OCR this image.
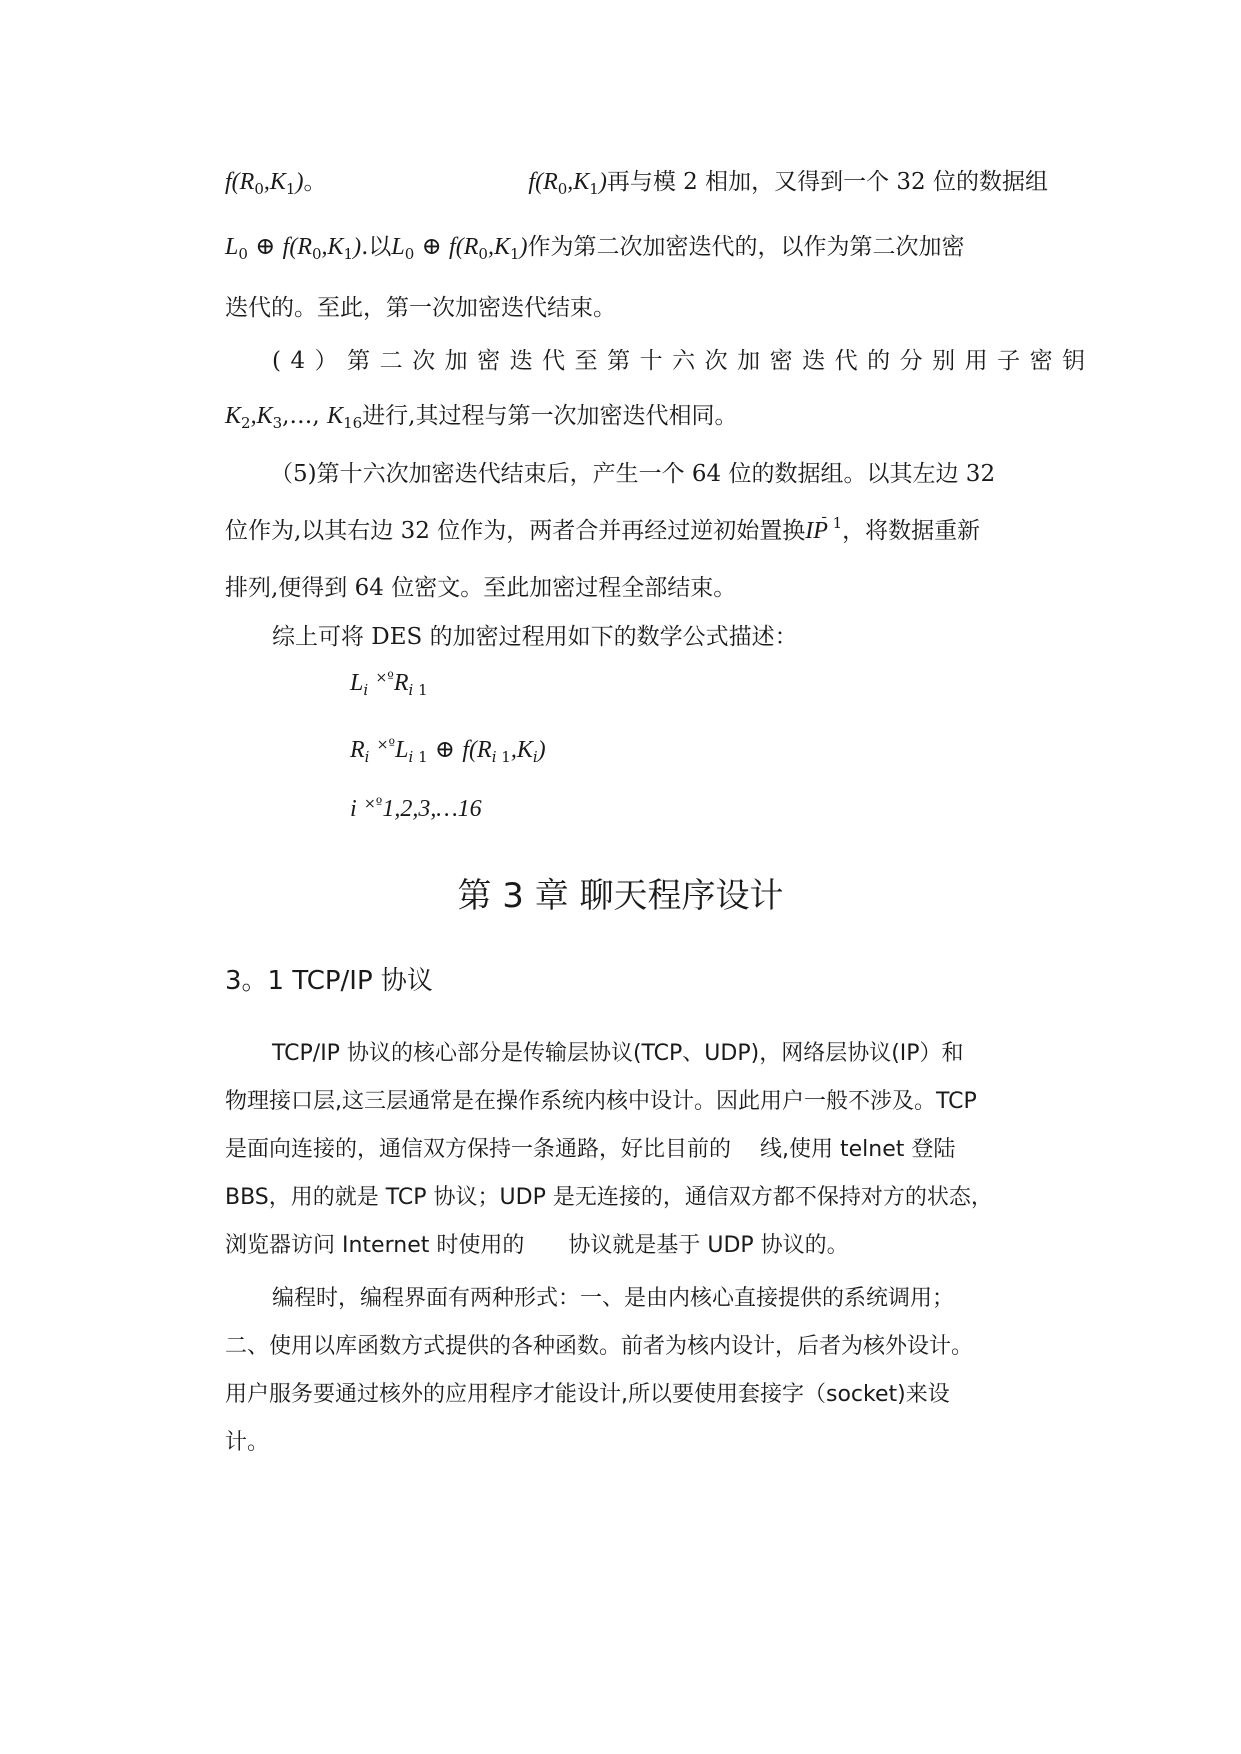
$f(R_0,K_1)$。	$f(R_0,K_1)$再与模 2 相加，又得到一个 32 位的数据组
$L_0$ ⊕ $f(R_0,K_1)$.以$L_0$ ⊕ $f(R_0,K_1)$作为第二次加密迭代的，以作为第二次加密
迭代的。至此，第一次加密迭代结束。
(4）第二次加密迭代至第十六次加密迭代的分别用子密钥
$K_2,K_3,\dots$, $K_{16}$进行,其过程与第一次加密迭代相同。
（5)第十六次加密迭代结束后，产生一个 64 位的数据组。以其左边 32
位作为,以其右边 32 位作为，两者合并再经过逆初始置换$IP^{̄ 1}$，将数据重新
排列,便得到 64 位密文。至此加密过程全部结束。
综上可将 DES 的加密过程用如下的数学公式描述：
$L_i$ $^{\times º}R_{i 1}$
$R_i$ $^{\times º}L_{i 1}$ ⊕ $f(R_{i 1},K_i)$
i $^{\times º}$1,2,3,…16
第 3 章 聊天程序设计
3。1 TCP/IP 协议
TCP/IP 协议的核心部分是传输层协议(TCP、UDP)，网络层协议(IP）和
物理接口层,这三层通常是在操作系统内核中设计。因此用户一般不涉及。TCP
是面向连接的，通信双方保持一条通路，好比目前的　 线,使用 telnet 登陆
BBS，用的就是 TCP 协议；UDP 是无连接的，通信双方都不保持对方的状态，
浏览器访问 Internet 时使用的　　协议就是基于 UDP 协议的。
编程时，编程界面有两种形式：一、是由内核心直接提供的系统调用；
二、使用以库函数方式提供的各种函数。前者为核内设计，后者为核外设计。
用户服务要通过核外的应用程序才能设计,所以要使用套接字（socket)来设
计。
